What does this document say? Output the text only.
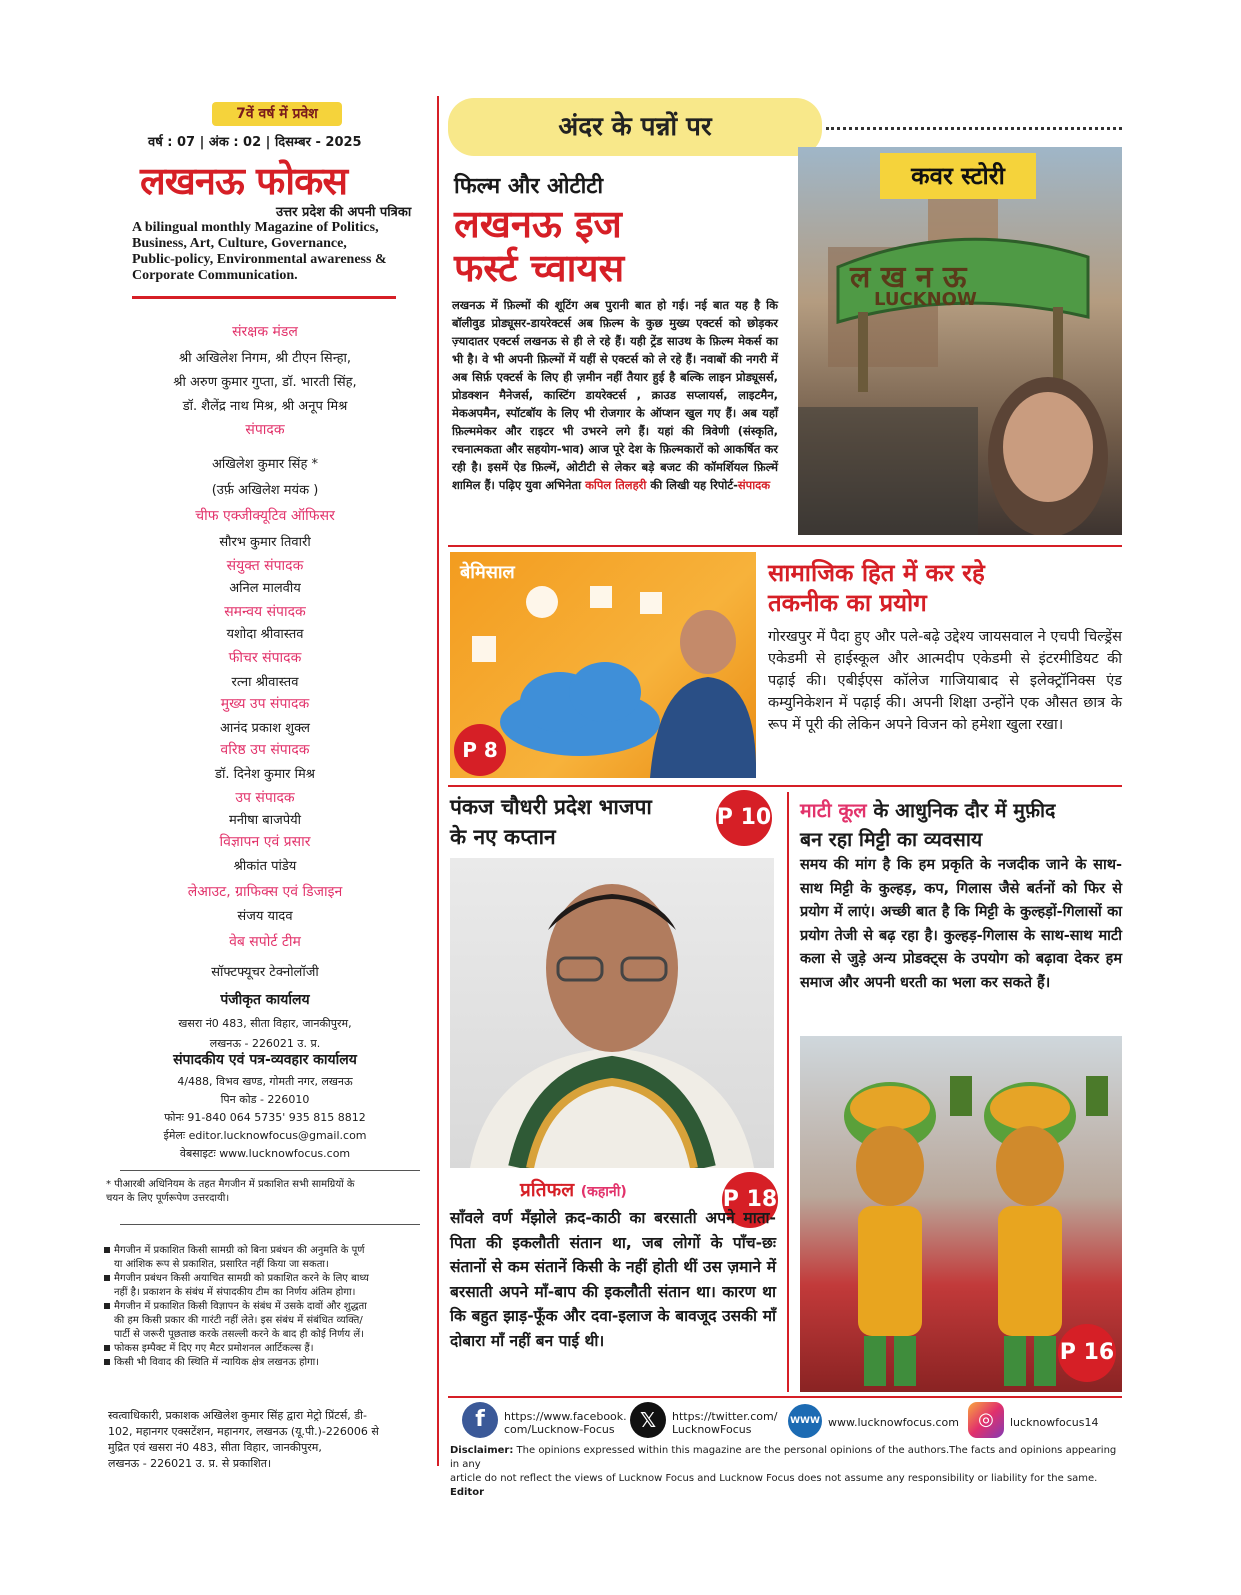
7वें वर्ष में प्रवेश
वर्ष : 07 | अंक : 02 | दिसम्बर - 2025
लखनऊ फोकस
उत्तर प्रदेश की अपनी पत्रिका
A bilingual monthly Magazine of Politics,
Business, Art, Culture, Governance,
Public-policy, Environmental awareness &
Corporate Communication.
संरक्षक मंडल
श्री अखिलेश निगम, श्री टीएन सिन्हा,
श्री अरुण कुमार गुप्ता, डॉ. भारती सिंह,
डॉ. शैलेंद्र नाथ मिश्र, श्री अनूप मिश्र
संपादक
अखिलेश कुमार सिंह *
(उर्फ़ अखिलेश मयंक )
चीफ एक्जीक्यूटिव ऑफिसर
सौरभ कुमार तिवारी
संयुक्त संपादक
अनिल मालवीय
समन्वय संपादक
यशोदा श्रीवास्तव
फीचर संपादक
रत्ना श्रीवास्तव
मुख्य उप संपादक
आनंद प्रकाश शुक्ल
वरिष्ठ उप संपादक
डॉ. दिनेश कुमार मिश्र
उप संपादक
मनीषा बाजपेयी
विज्ञापन एवं प्रसार
श्रीकांत पांडेय
लेआउट, ग्राफिक्स एवं डिजाइन
संजय यादव
वेब सपोर्ट टीम
सॉफ्टफ्यूचर टेक्नोलॉजी
पंजीकृत कार्यालय
खसरा नं0 483, सीता विहार, जानकीपुरम,
लखनऊ - 226021 उ. प्र.
संपादकीय एवं पत्र-व्यवहार कार्यालय
4/488, विभव खण्ड, गोमती नगर, लखनऊ
पिन कोड - 226010
फोनः 91-840 064 5735' 935 815 8812
ईमेलः editor.lucknowfocus@gmail.com
वेबसाइटः www.lucknowfocus.com
* पीआरबी अधिनियम के तहत मैगजीन में प्रकाशित सभी सामग्रियों के
चयन के लिए पूर्णरूपेण उत्तरदायी।
मैगजीन में प्रकाशित किसी सामग्री को बिना प्रबंधन की अनुमति के पूर्ण
या आंशिक रूप से प्रकाशित, प्रसारित नहीं किया जा सकता।
मैगजीन प्रबंधन किसी अयाचित सामग्री को प्रकाशित करने के लिए बाध्य
नहीं है। प्रकाशन के संबंध में संपादकीय टीम का निर्णय अंतिम होगा।
मैगजीन में प्रकाशित किसी विज्ञापन के संबंध में उसके दावों और शुद्धता
की हम किसी प्रकार की गारंटी नहीं लेते। इस संबंध में संबंधित व्यक्ति/
पार्टी से जरूरी पूछताछ करके तसल्ली करने के बाद ही कोई निर्णय लें।
फोकस इम्पैक्ट में दिए गए मैटर प्रमोशनल आर्टिकल्स हैं।
किसी भी विवाद की स्थिति में न्यायिक क्षेत्र लखनऊ होगा।
स्वत्वाधिकारी, प्रकाशक अखिलेश कुमार सिंह द्वारा मेट्रो प्रिंटर्स, डी-
102, महानगर एक्सटेंशन, महानगर, लखनऊ (यू.पी.)-226006 से
मुद्रित एवं खसरा नं0 483, सीता विहार, जानकीपुरम,
लखनऊ - 226021 उ. प्र. से प्रकाशित।
अंदर के पन्नों पर
फिल्म और ओटीटी
लखनऊ इज
फर्स्ट च्वायस
लखनऊ में फ़िल्मों की शूटिंग अब पुरानी बात हो गई। नई बात यह है कि बॉलीवुड प्रोड्यूसर-डायरेक्टर्स अब फ़िल्म के कुछ मुख्य एक्टर्स को छोड़कर ज़्यादातर एक्टर्स लखनऊ से ही ले रहे हैं। यही ट्रेंड साउथ के फ़िल्म मेकर्स का भी है। वे भी अपनी फ़िल्मों में यहीं से एक्टर्स को ले रहे हैं। नवाबों की नगरी में अब सिर्फ़ एक्टर्स के लिए ही ज़मीन नहीं तैयार हुई है बल्कि लाइन प्रोड्यूसर्स, प्रोडक्शन मैनेजर्स, कास्टिंग डायरेक्टर्स , क्राउड सप्लायर्स, लाइटमैन, मेकअपमैन, स्पॉटबॉय के लिए भी रोजगार के ऑप्शन खुल गए हैं। अब यहाँ फ़िल्ममेकर और राइटर भी उभरने लगे हैं। यहां की त्रिवेणी (संस्कृति, रचनात्मकता और सहयोग-भाव) आज पूरे देश के फ़िल्मकारों को आकर्षित कर रही है। इसमें ऐड फ़िल्में, ओटीटी से लेकर बड़े बजट की कॉमर्शियल फ़िल्में शामिल हैं। पढ़िए युवा अभिनेता कपिल तिलहरी की लिखी यह रिपोर्ट-संपादक
ल ख न ऊ
LUCKNOW
कवर स्टोरी
बेमिसाल
P 8
सामाजिक हित में कर रहे
तकनीक का प्रयोग
गोरखपुर में पैदा हुए और पले-बढ़े उद्देश्य जायसवाल ने एचपी चिल्ड्रेंस एकेडमी से हाईस्कूल और आत्मदीप एकेडमी से इंटरमीडियट की पढ़ाई की। एबीईएस कॉलेज गाजियाबाद से इलेक्ट्रॉनिक्स एंड कम्युनिकेशन में पढ़ाई की। अपनी शिक्षा उन्होंने एक औसत छात्र के रूप में पूरी की लेकिन अपने विजन को हमेशा खुला रखा।
पंकज चौधरी प्रदेश भाजपा
के नए कप्तान
P 10
प्रतिफल (कहानी)	P 18
साँवले वर्ण मँझोले क़द-काठी का बरसाती अपने माता-पिता की इकलौती संतान था, जब लोगों के पाँच-छः संतानों से कम संतानें किसी के नहीं होती थीं उस ज़माने में बरसाती अपने माँ-बाप की इकलौती संतान था। कारण था कि बहुत झाड़-फूँक और दवा-इलाज के बावजूद उसकी माँ दोबारा माँ नहीं बन पाई थी।
माटी कूल के आधुनिक दौर में मुफ़ीद
बन रहा मिट्टी का व्यवसाय
समय की मांग है कि हम प्रकृति के नजदीक जाने के साथ-साथ मिट्टी के कुल्हड़, कप, गिलास जैसे बर्तनों को फिर से प्रयोग में लाएं। अच्छी बात है कि मिट्टी के कुल्हड़ों-गिलासों का प्रयोग तेजी से बढ़ रहा है। कुल्हड़-गिलास के साथ-साथ माटी कला से जुड़े अन्य प्रोडक्ट्स के उपयोग को बढ़ावा देकर हम समाज और अपनी धरती का भला कर सकते हैं।
P 16
f	https://www.facebook.
com/Lucknow-Focus	𝕏	https://twitter.com/
LucknowFocus
WWW www.lucknowfocus.com	◎	lucknowfocus14
Disclaimer: The opinions expressed within this magazine are the personal opinions of the authors.The facts and opinions appearing in any
article do not reflect the views of Lucknow Focus and Lucknow Focus does not assume any responsibility or liability for the same. Editor
